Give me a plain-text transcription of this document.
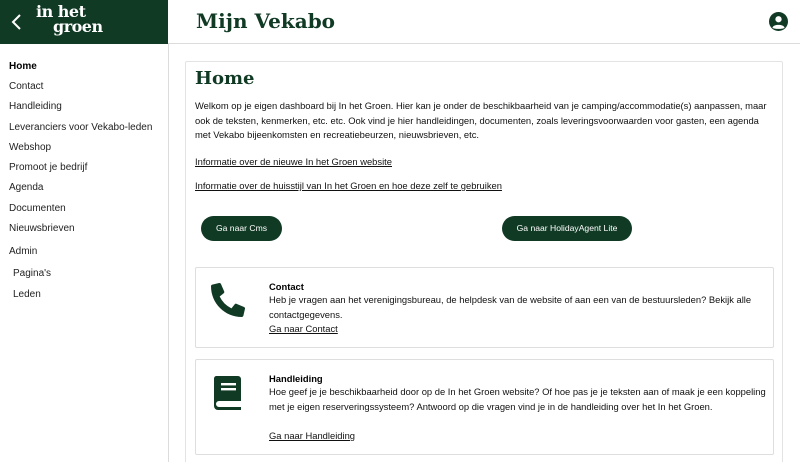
in het
groen	Mijn Vekabo
Home
Contact
Handleiding
Leveranciers voor Vekabo-leden
Webshop
Promoot je bedrijf
Agenda
Documenten
Nieuwsbrieven
Admin
Pagina's
Leden
Home
Welkom op je eigen dashboard bij In het Groen. Hier kan je onder de beschikbaarheid van je camping/accommodatie(s) aanpassen, maar ook de teksten, kenmerken, etc. etc. Ook vind je hier handleidingen, documenten, zoals leveringsvoorwaarden voor gasten, een agenda met Vekabo bijeenkomsten en recreatiebeurzen, nieuwsbrieven, etc.
Informatie over de nieuwe In het Groen website
Informatie over de huisstijl van In het Groen en hoe deze zelf te gebruiken
Ga naar Cms	Ga naar HolidayAgent Lite
Contact
Heb je vragen aan het verenigingsbureau, de helpdesk van de website of aan een van de bestuursleden? Bekijk alle contactgegevens.
Ga naar Contact
Handleiding
Hoe geef je je beschikbaarheid door op de In het Groen website? Of hoe pas je je teksten aan of maak je een koppeling met je eigen reserveringssysteem? Antwoord op die vragen vind je in de handleiding over het In het Groen.
Ga naar Handleiding
